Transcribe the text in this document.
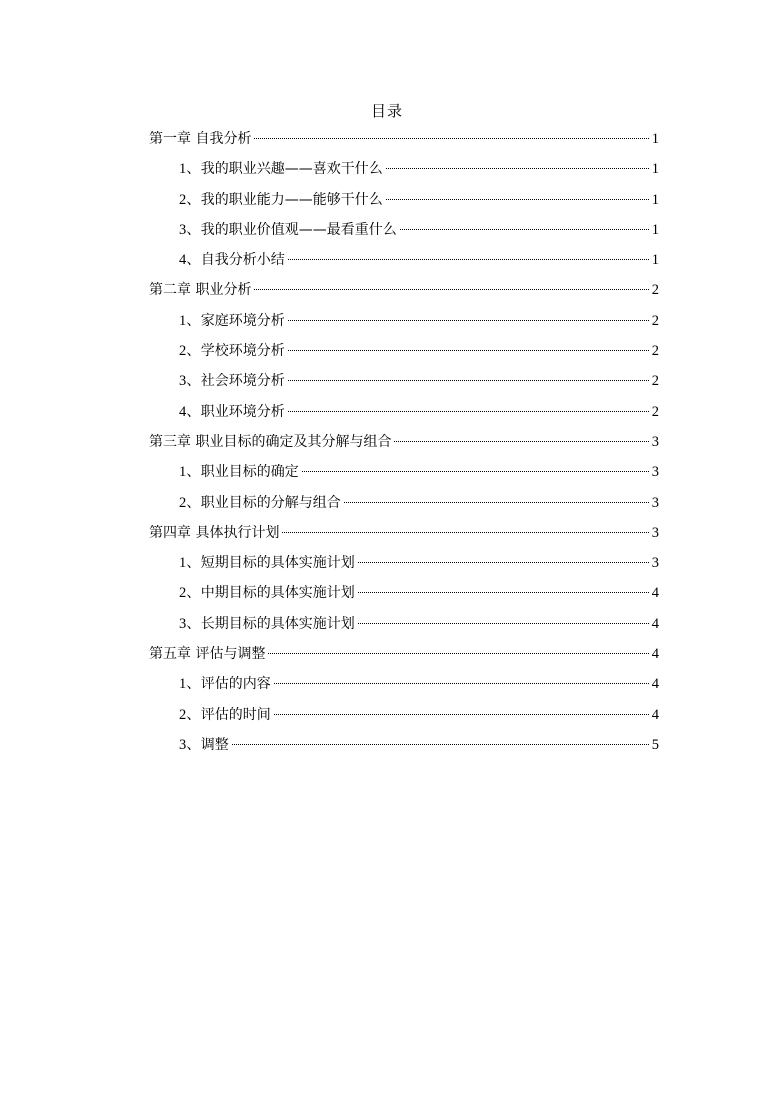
目录
第一章 自我分析	1
1、我的职业兴趣——喜欢干什么	1
2、我的职业能力——能够干什么	1
3、我的职业价值观——最看重什么	1
4、自我分析小结	1
第二章 职业分析	2
1、家庭环境分析	2
2、学校环境分析	2
3、社会环境分析	2
4、职业环境分析	2
第三章 职业目标的确定及其分解与组合	3
1、职业目标的确定	3
2、职业目标的分解与组合	3
第四章 具体执行计划	3
1、短期目标的具体实施计划	3
2、中期目标的具体实施计划	4
3、长期目标的具体实施计划	4
第五章 评估与调整	4
1、评估的内容	4
2、评估的时间	4
3、调整	5
